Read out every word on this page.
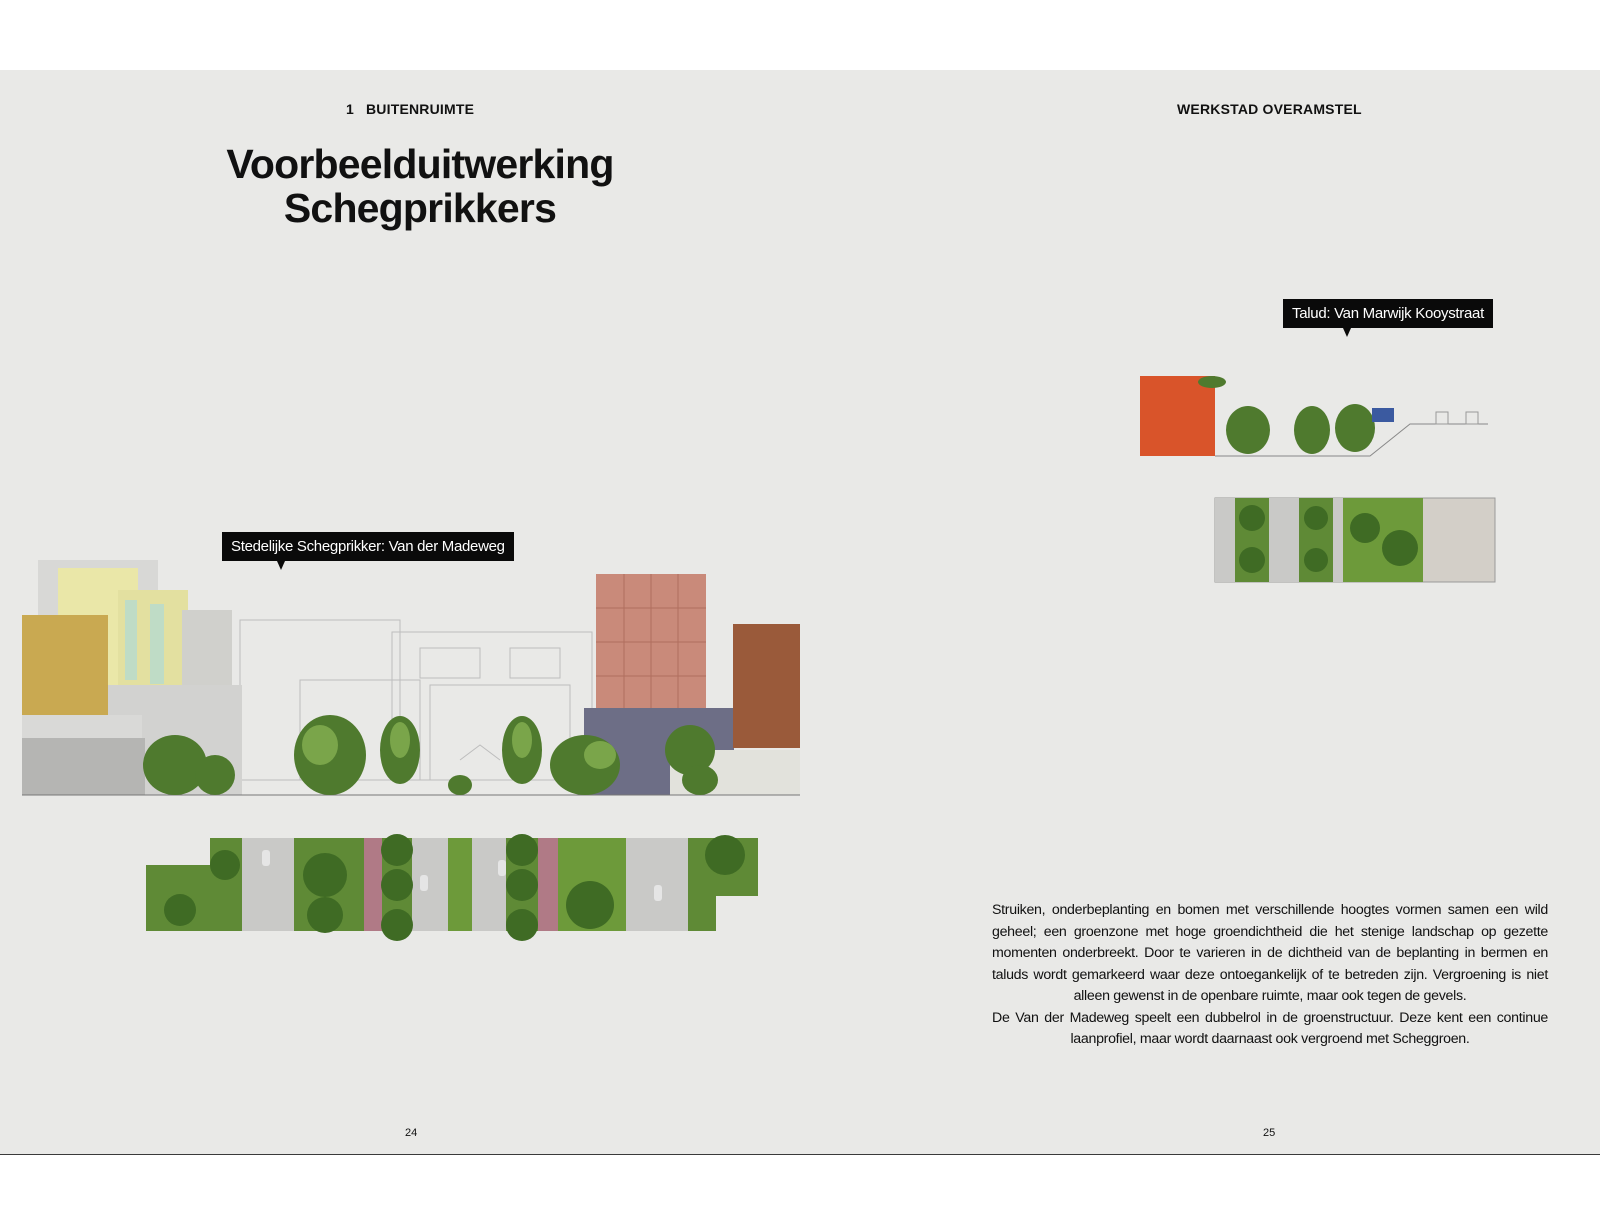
1 BUITENRUIMTE
Voorbeelduitwerking
Schegprikkers
Stedelijke Schegprikker: Van der Madeweg
24
WERKSTAD OVERAMSTEL
Talud: Van Marwijk Kooystraat

Struiken, onderbeplanting en bomen met verschillende hoogtes vormen samen een wild geheel; een groenzone met hoge groendichtheid die het stenige landschap op gezette momenten onderbreekt. Door te varieren in de dichtheid van de beplanting in bermen en taluds wordt gemarkeerd waar deze ontoegankelijk of te betreden zijn. Vergroening is niet alleen gewenst in de openbare ruimte, maar ook tegen de gevels.

De Van der Madeweg speelt een dubbelrol in de groenstructuur. Deze kent een continue laanprofiel, maar wordt daarnaast ook vergroend met Scheggroen.

25
